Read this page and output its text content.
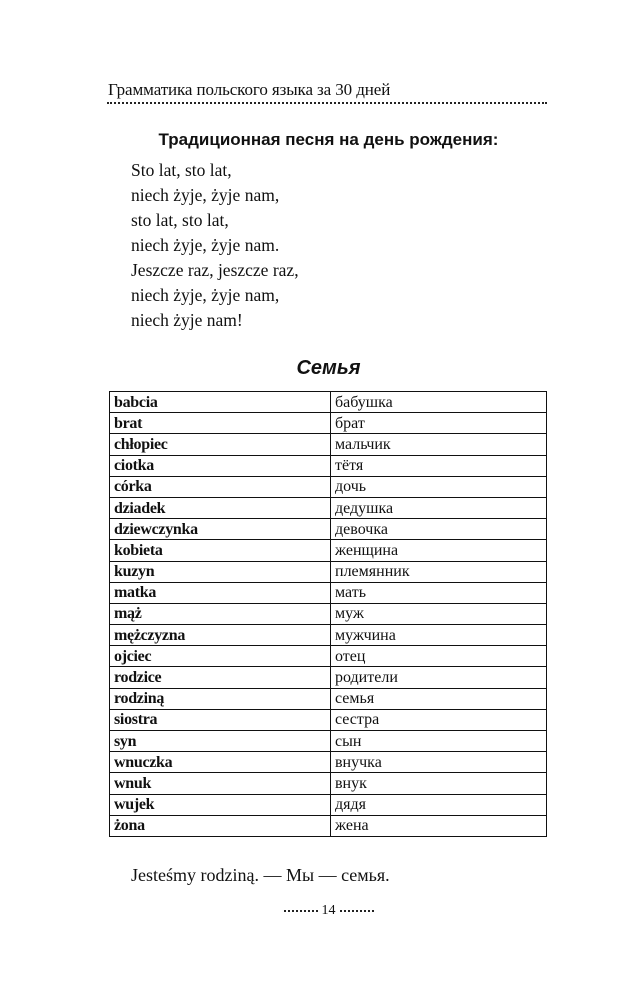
Грамматика польского языка за 30 дней
Традиционная песня на день рождения:
Sto lat, sto lat,
niech żyje, żyje nam,
sto lat, sto lat,
niech żyje, żyje nam.
Jeszcze raz, jeszcze raz,
niech żyje, żyje nam,
niech żyje nam!
Семья
babcia	бабушка
brat	брат
chłopiec	мальчик
ciotka	тётя
córka	дочь
dziadek	дедушка
dziewczynka	девочка
kobieta	женщина
kuzyn	племянник
matka	мать
mąż	муж
mężczyzna	мужчина
ojciec	отец
rodzice	родители
rodziną	семья
siostra	сестра
syn	сын
wnuczka	внучка
wnuk	внук
wujek	дядя
żona	жена
Jesteśmy rodziną. — Мы — семья.
14
